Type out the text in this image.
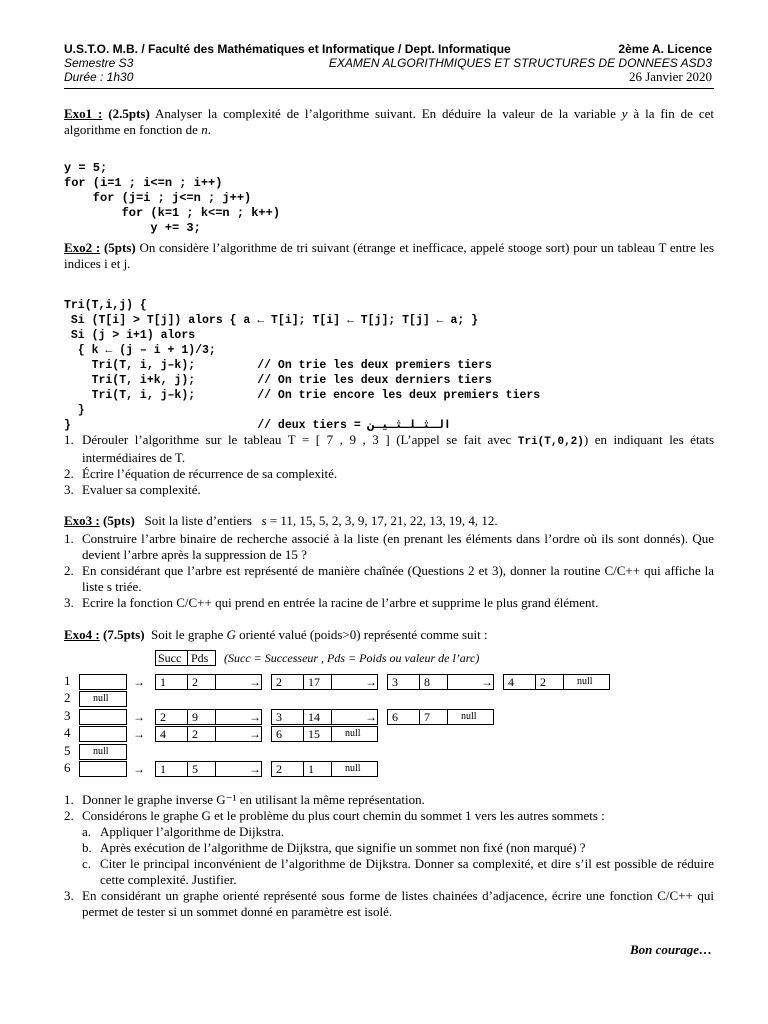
U.S.T.O. M.B. / Faculté des Mathématiques et Informatique / Dept. Informatique	2ème A. Licence
Semestre S3	EXAMEN ALGORITHMIQUES ET STRUCTURES DE DONNEES ASD3
Durée : 1h30	26 Janvier 2020
Exo1 : (2.5pts) Analyser la complexité de l’algorithme suivant. En déduire la valeur de la variable y à la fin de cet algorithme en fonction de n.

y = 5;
for (i=1 ; i<=n ; i++)
for (j=i ; j<=n ; j++)
for (k=1 ; k<=n ; k++)
y += 3;

Exo2 : (5pts) On considère l’algorithme de tri suivant (étrange et inefficace, appelé stooge sort) pour un tableau T entre les indices i et j.

Tri(T,i,j) {
Si (T[i] > T[j]) alors { a ← T[i]; T[i] ← T[j]; T[j] ← a; }
Si (j > i+1) alors
{ k ← (j – i + 1)/3;
Tri(T, i, j–k);         // On trie les deux premiers tiers
Tri(T, i+k, j);         // On trie les deux derniers tiers
Tri(T, i, j–k);         // On trie encore les deux premiers tiers
}
}                           // deux tiers = الـثـلـثـيـن

1. Dérouler l’algorithme sur le tableau T = [ 7 , 9 , 3 ] (L’appel se fait avec Tri(T,0,2)) en indiquant les états intermédiaires de T.
2. Écrire l’équation de récurrence de sa complexité.
3. Evaluer sa complexité.
Exo3 : (5pts) Soit la liste d’entiers s = 11, 15, 5, 2, 3, 9, 17, 21, 22, 13, 19, 4, 12.
1. Construire l’arbre binaire de recherche associé à la liste (en prenant les éléments dans l’ordre où ils sont donnés). Que devient l’arbre après la suppression de 15 ?
2. En considérant que l’arbre est représenté de manière chaînée (Questions 2 et 3), donner la routine C/C++ qui affiche la liste s triée.
3. Ecrire la fonction C/C++ qui prend en entrée la racine de l’arbre et supprime le plus grand élément.
Exo4 : (7.5pts) Soit le graphe G orienté valué (poids>0) représenté comme suit :
Succ Pds (Succ = Successeur , Pds = Poids ou valeur de l’arc)
1	→ 1 2	→ 2 17	→ 3 8	→ 4 2	null
2 null
3	→ 2 9	→ 3 14	→ 6 7	null
4	→ 4 2	→ 6 15	null
5 null
6	→ 1 5	→ 2 1	null
1. Donner le graphe inverse G⁻¹ en utilisant la même représentation.
2. Considérons le graphe G et le problème du plus court chemin du sommet 1 vers les autres sommets :
a. Appliquer l’algorithme de Dijkstra.
b. Après exécution de l’algorithme de Dijkstra, que signifie un sommet non fixé (non marqué) ?
c. Citer le principal inconvénient de l’algorithme de Dijkstra. Donner sa complexité, et dire s’il est possible de réduire cette complexité. Justifier.
3. En considérant un graphe orienté représenté sous forme de listes chainées d’adjacence, écrire une fonction C/C++ qui permet de tester si un sommet donné en paramètre est isolé.
Bon courage…
